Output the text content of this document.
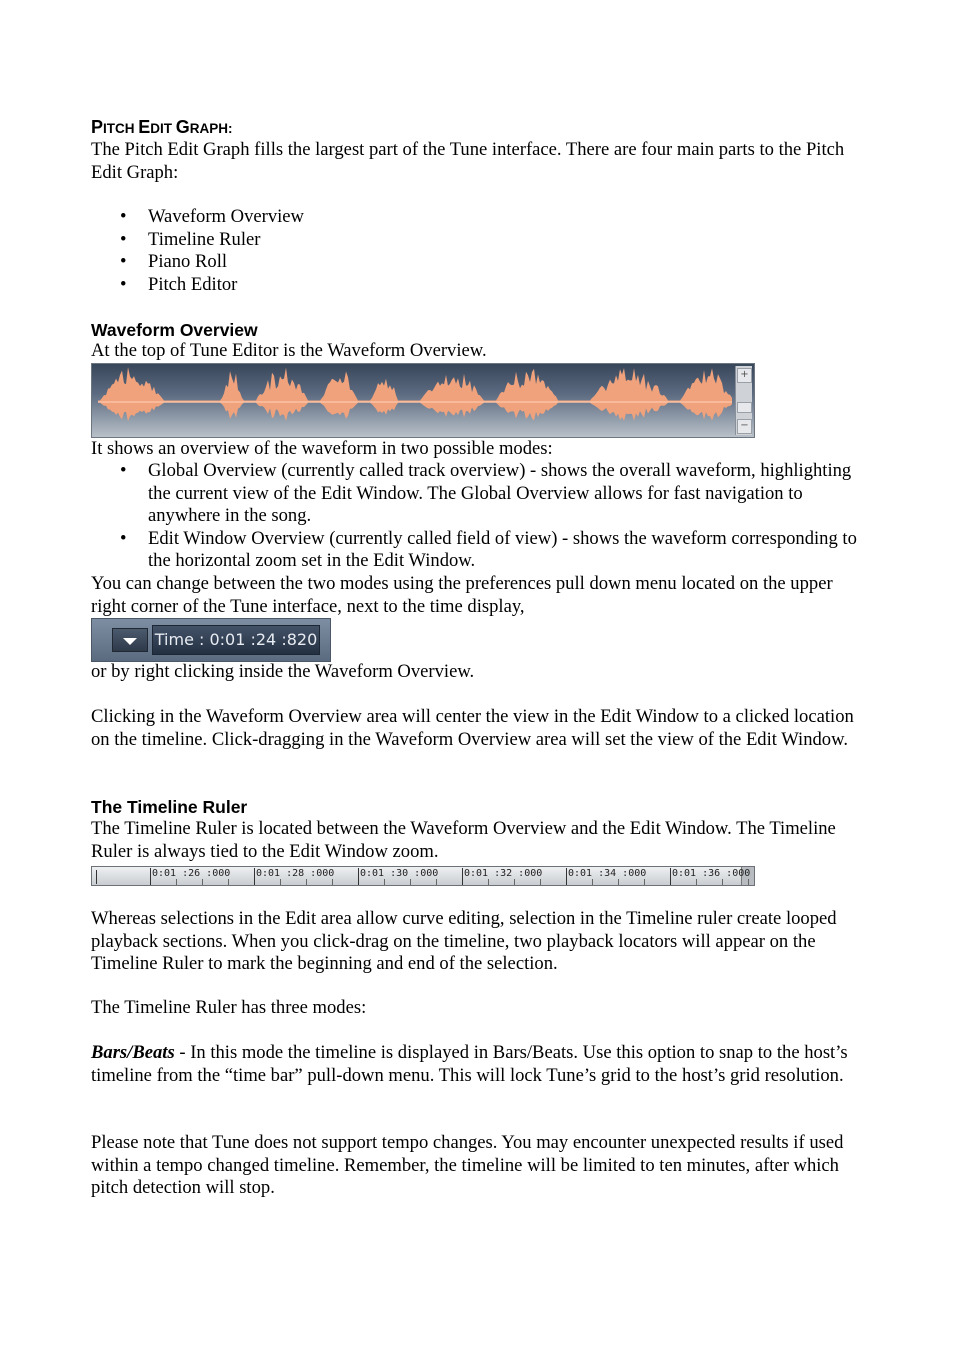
PITCH EDIT GRAPH:

The Pitch Edit Graph fills the largest part of the Tune interface. There are four main parts to the Pitch Edit Graph:

• Waveform Overview
• Timeline Ruler
• Piano Roll
• Pitch Editor
Waveform Overview

At the top of Tune Editor is the Waveform Overview.

+
−

It shows an overview of the waveform in two possible modes:

• Global Overview (currently called track overview) - shows the overall waveform, highlighting the current view of the Edit Window. The Global Overview allows for fast navigation to anywhere in the song.
• Edit Window Overview (currently called field of view) - shows the waveform corresponding to the horizontal zoom set in the Edit Window.

You can change between the two modes using the preferences pull down menu located on the upper right corner of the Tune interface, next to the time display,

Time : 0:01 :24 :820

or by right clicking inside the Waveform Overview.

Clicking in the Waveform Overview area will center the view in the Edit Window to a clicked location on the timeline. Click-dragging in the Waveform Overview area will set the view of the Edit Window.

The Timeline Ruler

The Timeline Ruler is located between the Waveform Overview and the Edit Window. The Timeline Ruler is always tied to the Edit Window zoom.

0:01 :26 :000	0:01 :28 :000	0:01 :30 :000	0:01 :32 :000	0:01 :34 :000	0:01 :36 :000

Whereas selections in the Edit area allow curve editing, selection in the Timeline ruler create looped playback sections. When you click-drag on the timeline, two playback locators will appear on the Timeline Ruler to mark the beginning and end of the selection.

The Timeline Ruler has three modes:

Bars/Beats - In this mode the timeline is displayed in Bars/Beats. Use this option to snap to the host’s timeline from the “time bar” pull-down menu. This will lock Tune’s grid to the host’s grid resolution.

Please note that Tune does not support tempo changes. You may encounter unexpected results if used within a tempo changed timeline. Remember, the timeline will be limited to ten minutes, after which pitch detection will stop.
